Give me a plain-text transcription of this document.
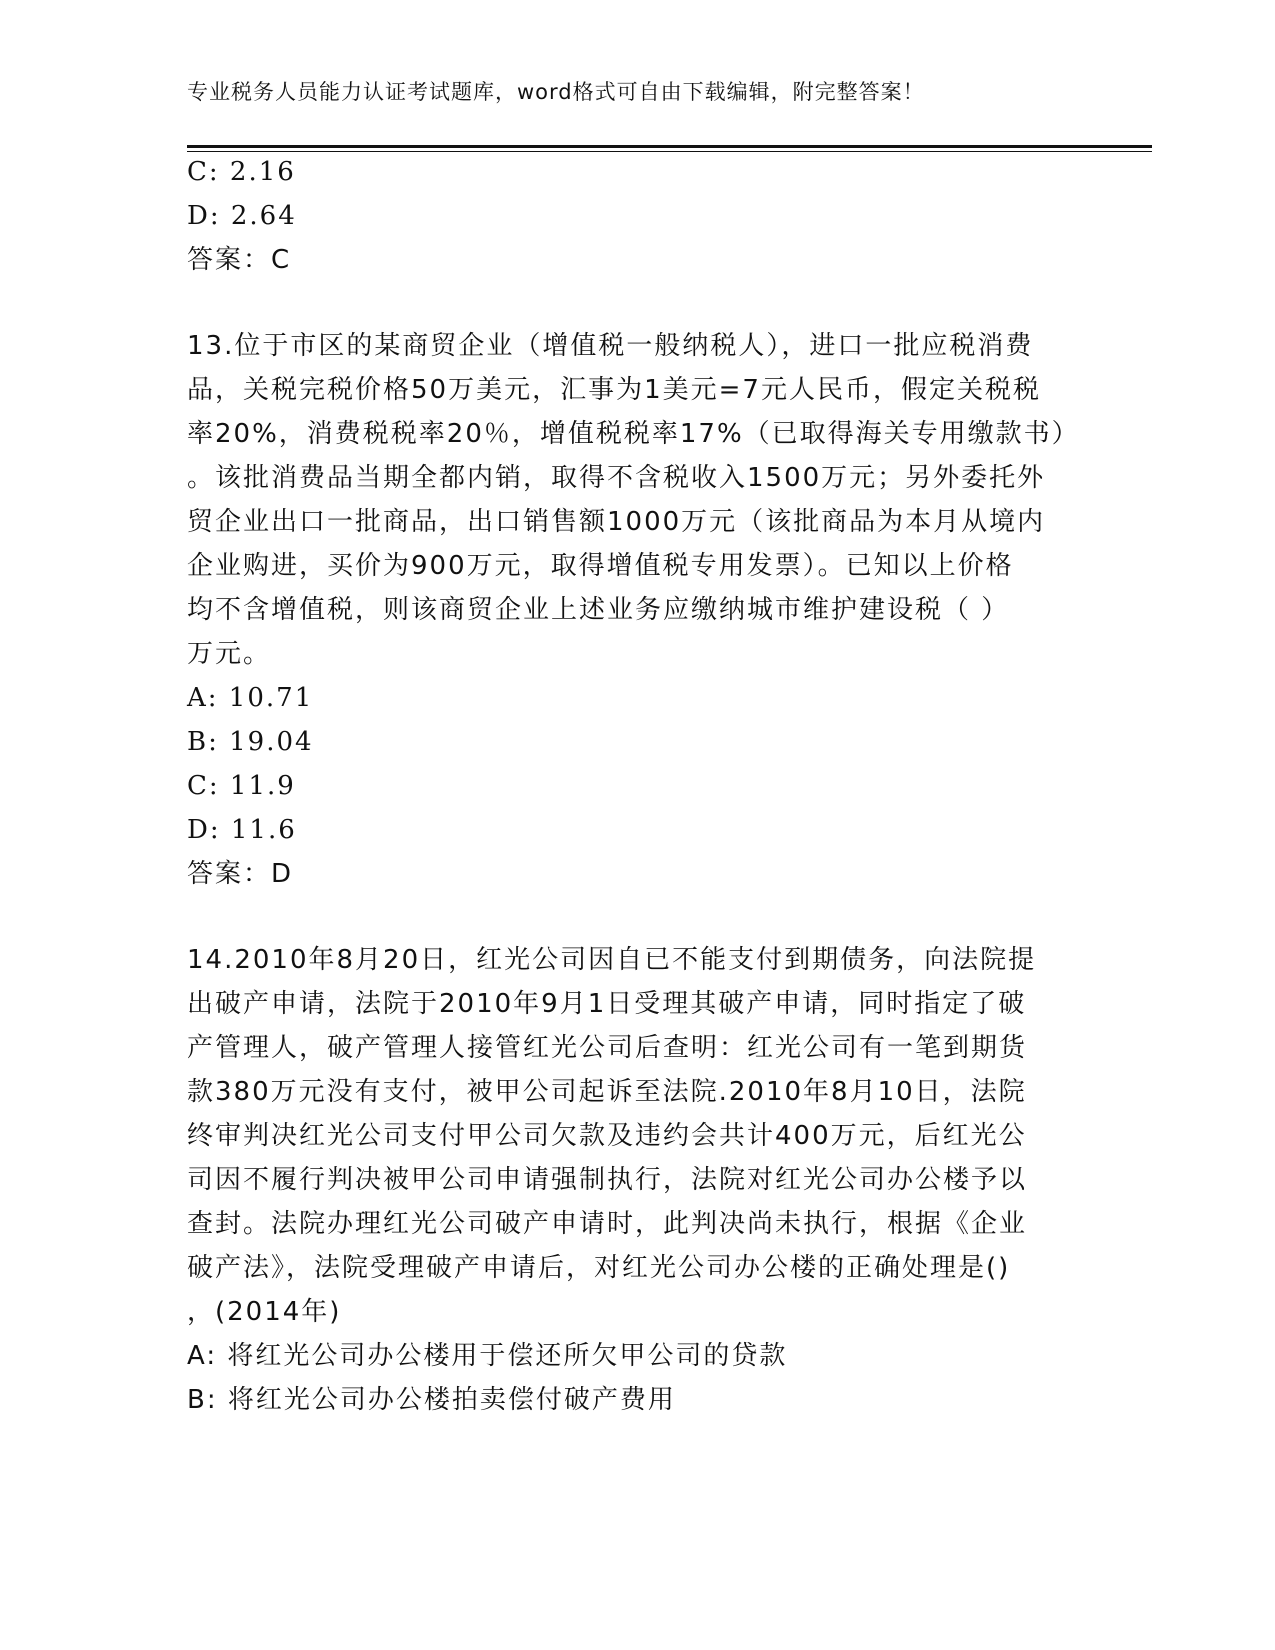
专业税务人员能力认证考试题库，word格式可自由下载编辑，附完整答案！
C: 2.16
D: 2.64
答案：C
13.位于市区的某商贸企业（增值税一般纳税人），进口一批应税消费
品，关税完税价格50万美元，汇事为1美元=7元人民币，假定关税税
率20%，消费税税率20％，增值税税率17%（已取得海关专用缴款书）
。该批消费品当期全都内销，取得不含税收入1500万元；另外委托外
贸企业出口一批商品，出口销售额1000万元（该批商品为本月从境内
企业购进，买价为900万元，取得增值税专用发票）。已知以上价格
均不含增值税，则该商贸企业上述业务应缴纳城市维护建设税（ ）
万元。
A: 10.71
B: 19.04
C: 11.9
D: 11.6
答案：D
14.2010年8月20日，红光公司因自已不能支付到期债务，向法院提
出破产申请，法院于2010年9月1日受理其破产申请，同时指定了破
产管理人，破产管理人接管红光公司后查明：红光公司有一笔到期货
款380万元没有支付，被甲公司起诉至法院.2010年8月10日，法院
终审判决红光公司支付甲公司欠款及违约会共计400万元，后红光公
司因不履行判决被甲公司申请强制执行，法院对红光公司办公楼予以
查封。法院办理红光公司破产申请时，此判决尚未执行，根据《企业
破产法》，法院受理破产申请后，对红光公司办公楼的正确处理是()
，(2014年)
A: 将红光公司办公楼用于偿还所欠甲公司的贷款
B: 将红光公司办公楼拍卖偿付破产费用
